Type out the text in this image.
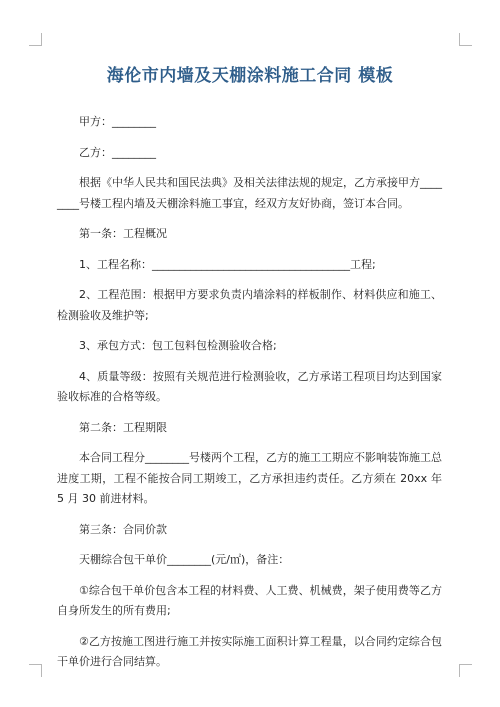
海伦市内墙及天棚涂料施工合同 模板

甲方：________

乙方：________

根据《中华人民共和国民法典》及相关法律法规的规定，乙方承接甲方________号楼工程内墙及天棚涂料施工事宜，经双方友好协商，签订本合同。

第一条：工程概况

1、工程名称：____________________________________工程;

2、工程范围：根据甲方要求负责内墙涂料的样板制作、材料供应和施工、检测验收及维护等;

3、承包方式：包工包料包检测验收合格;

4、质量等级：按照有关规范进行检测验收，乙方承诺工程项目均达到国家验收标准的合格等级。

第二条：工程期限

本合同工程分________号楼两个工程，乙方的施工工期应不影响装饰施工总进度工期，工程不能按合同工期竣工，乙方承担违约责任。乙方须在 20xx 年 5 月 30 前进材料。

第三条：合同价款

天棚综合包干单价________(元/㎡)，备注：

①综合包干单价包含本工程的材料费、人工费、机械费，架子使用费等乙方自身所发生的所有费用;

②乙方按施工图进行施工并按实际施工面积计算工程量，以合同约定综合包干单价进行合同结算。
